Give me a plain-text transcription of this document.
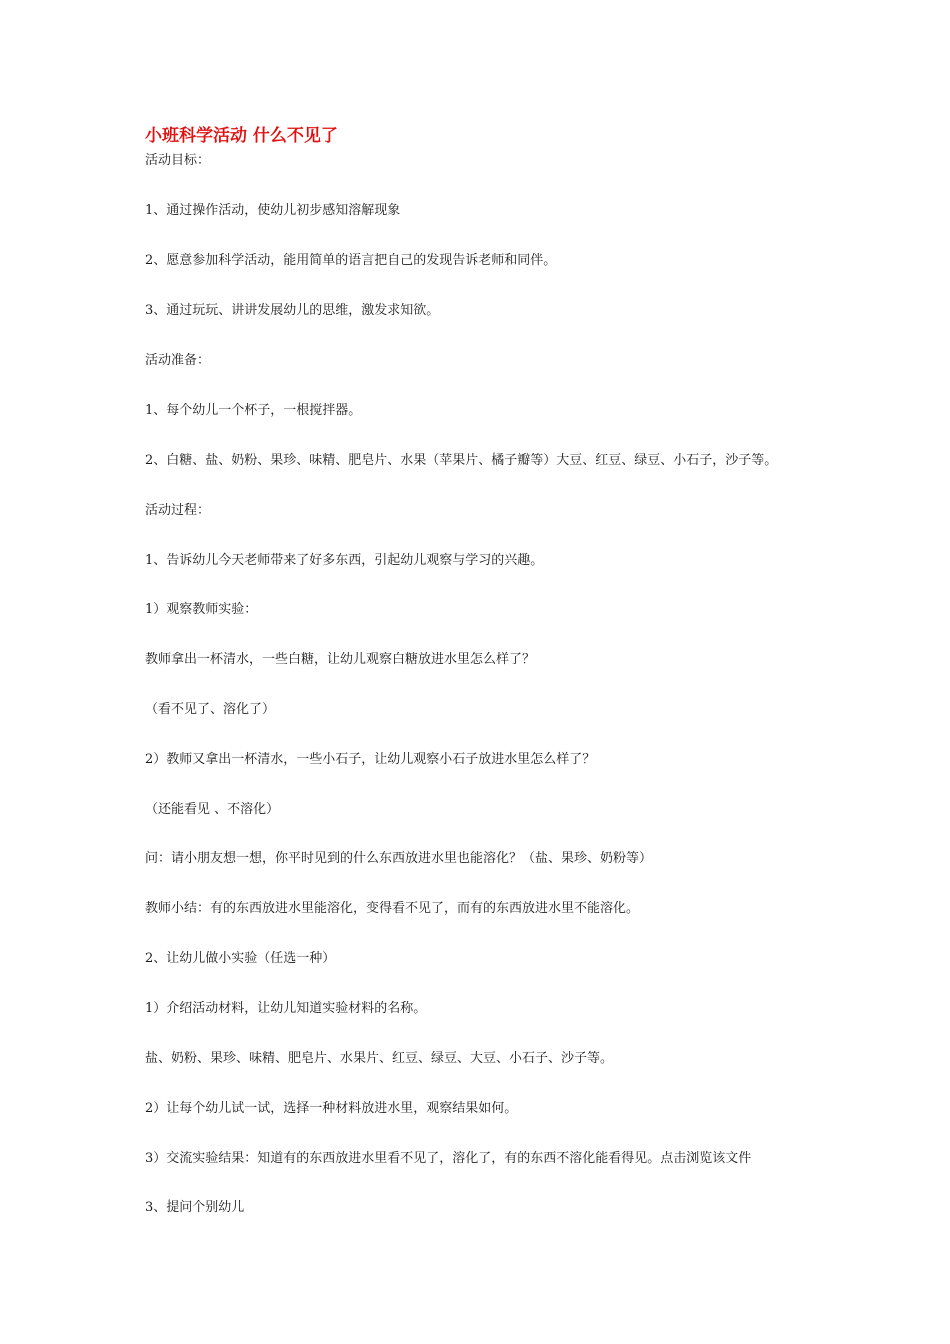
小班科学活动 什么不见了

活动目标：

1、通过操作活动，使幼儿初步感知溶解现象

2、愿意参加科学活动，能用简单的语言把自己的发现告诉老师和同伴。

3、通过玩玩、讲讲发展幼儿的思维，激发求知欲。

活动准备：

1、每个幼儿一个杯子，一根搅拌器。

2、白糖、盐、奶粉、果珍、味精、肥皂片、水果（苹果片、橘子瓣等）大豆、红豆、绿豆、小石子，沙子等。

活动过程：

1、告诉幼儿今天老师带来了好多东西，引起幼儿观察与学习的兴趣。

1）观察教师实验：

教师拿出一杯清水，一些白糖，让幼儿观察白糖放进水里怎么样了？

（看不见了、溶化了）

2）教师又拿出一杯清水，一些小石子，让幼儿观察小石子放进水里怎么样了？

（还能看见 、不溶化）

问：请小朋友想一想，你平时见到的什么东西放进水里也能溶化？（盐、果珍、奶粉等）

教师小结：有的东西放进水里能溶化，变得看不见了，而有的东西放进水里不能溶化。

2、让幼儿做小实验（任选一种）

1）介绍活动材料，让幼儿知道实验材料的名称。

盐、奶粉、果珍、味精、肥皂片、水果片、红豆、绿豆、大豆、小石子、沙子等。

2）让每个幼儿试一试，选择一种材料放进水里，观察结果如何。

3）交流实验结果：知道有的东西放进水里看不见了，溶化了，有的东西不溶化能看得见。点击浏览该文件

3、提问个别幼儿
